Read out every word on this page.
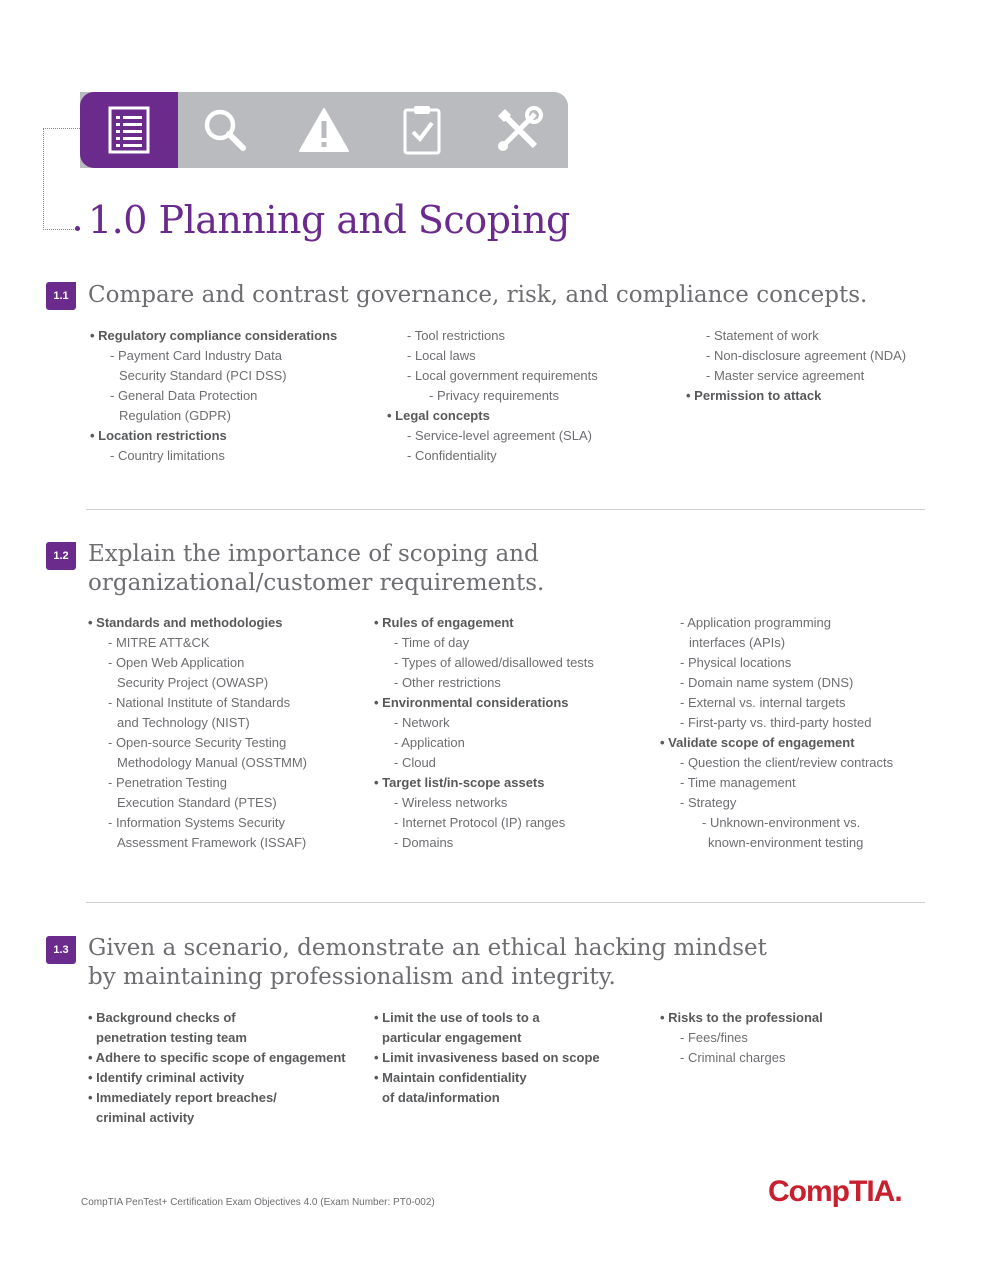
1.0 Planning and Scoping
1.1 Compare and contrast governance, risk, and compliance concepts.
• Regulatory compliance considerations
- Payment Card Industry Data
Security Standard (PCI DSS)
- General Data Protection
Regulation (GDPR)
• Location restrictions
- Country limitations
- Tool restrictions
- Local laws
- Local government requirements
- Privacy requirements
• Legal concepts
- Service-level agreement (SLA)
- Confidentiality
- Statement of work
- Non-disclosure agreement (NDA)
- Master service agreement
• Permission to attack
1.2 Explain the importance of scoping and
organizational/customer requirements.
• Standards and methodologies
- MITRE ATT&CK
- Open Web Application
Security Project (OWASP)
- National Institute of Standards
and Technology (NIST)
- Open-source Security Testing
Methodology Manual (OSSTMM)
- Penetration Testing
Execution Standard (PTES)
- Information Systems Security
Assessment Framework (ISSAF)
• Rules of engagement
- Time of day
- Types of allowed/disallowed tests
- Other restrictions
• Environmental considerations
- Network
- Application
- Cloud
• Target list/in-scope assets
- Wireless networks
- Internet Protocol (IP) ranges
- Domains
- Application programming
interfaces (APIs)
- Physical locations
- Domain name system (DNS)
- External vs. internal targets
- First-party vs. third-party hosted
• Validate scope of engagement
- Question the client/review contracts
- Time management
- Strategy
- Unknown-environment vs.
known-environment testing
1.3 Given a scenario, demonstrate an ethical hacking mindset
by maintaining professionalism and integrity.
• Background checks of
penetration testing team
• Adhere to specific scope of engagement
• Identify criminal activity
• Immediately report breaches/
criminal activity
• Limit the use of tools to a
particular engagement
• Limit invasiveness based on scope
• Maintain confidentiality
of data/information
• Risks to the professional
- Fees/fines
- Criminal charges
CompTIA PenTest+ Certification Exam Objectives 4.0 (Exam Number: PT0-002)	CompTIA.
